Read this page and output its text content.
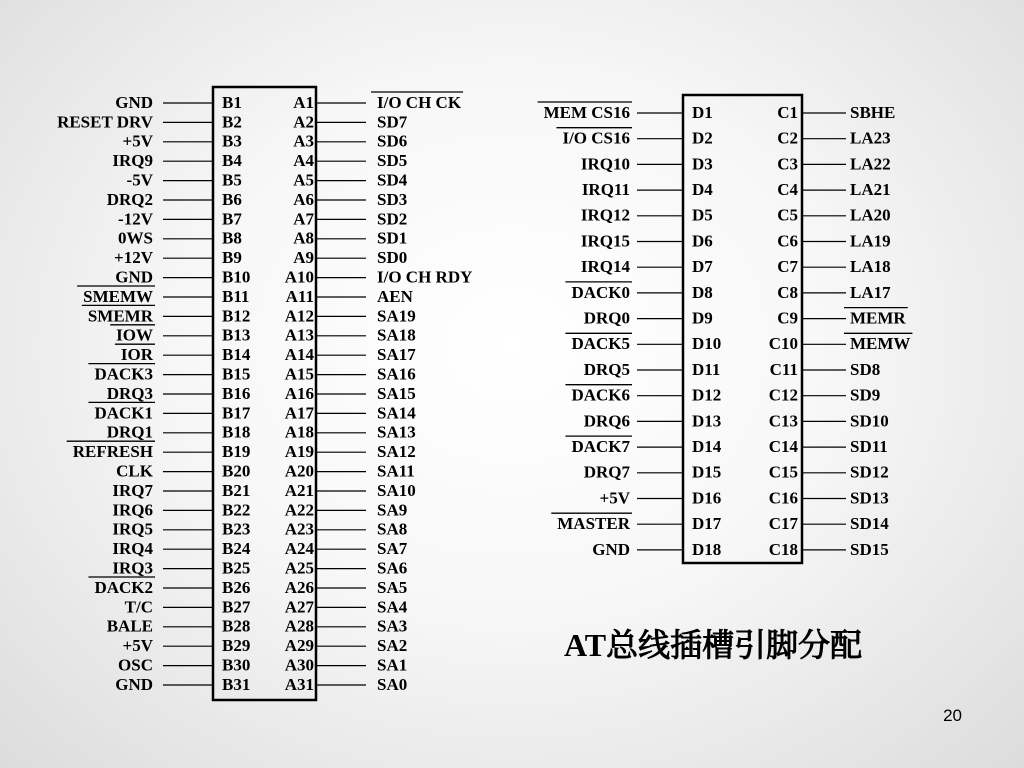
GND	B1	A1	I/O CH CK
RESET DRV	B2	A2	SD7
+5V	B3	A3	SD6
IRQ9	B4	A4	SD5
-5V	B5	A5	SD4
DRQ2	B6	A6	SD3
-12V	B7	A7	SD2
0WS	B8	A8	SD1
+12V	B9	A9	SD0
GND	B10 A10	I/O CH RDY
SMEMW	B11 A11	AEN
SMEMR	B12 A12	SA19
IOW	B13 A13	SA18
IOR	B14 A14	SA17
DACK3	B15 A15	SA16
DRQ3	B16 A16	SA15
DACK1	B17 A17	SA14
DRQ1	B18 A18	SA13
REFRESH	B19 A19	SA12
CLK	B20 A20	SA11
IRQ7	B21 A21	SA10
IRQ6	B22 A22	SA9
IRQ5	B23 A23	SA8
IRQ4	B24 A24	SA7
IRQ3	B25 A25	SA6
DACK2	B26 A26	SA5
T/C	B27 A27	SA4
BALE	B28 A28	SA3
+5V	B29 A29	SA2
OSC	B30 A30	SA1
GND	B31 A31	SA0
MEM CS16	D1	C1	SBHE
I/O CS16	D2	C2	LA23
IRQ10	D3	C3	LA22
IRQ11	D4	C4	LA21
IRQ12	D5	C5	LA20
IRQ15	D6	C6	LA19
IRQ14	D7	C7	LA18
DACK0	D8	C8	LA17
DRQ0	D9	C9	MEMR
DACK5	D10	C10	MEMW
DRQ5	D11	C11	SD8
DACK6	D12	C12	SD9
DRQ6	D13	C13	SD10
DACK7	D14	C14	SD11
DRQ7	D15	C15	SD12
+5V	D16	C16	SD13
MASTER	D17	C17	SD14
GND	D18	C18	SD15
AT总线插槽引脚分配
20
